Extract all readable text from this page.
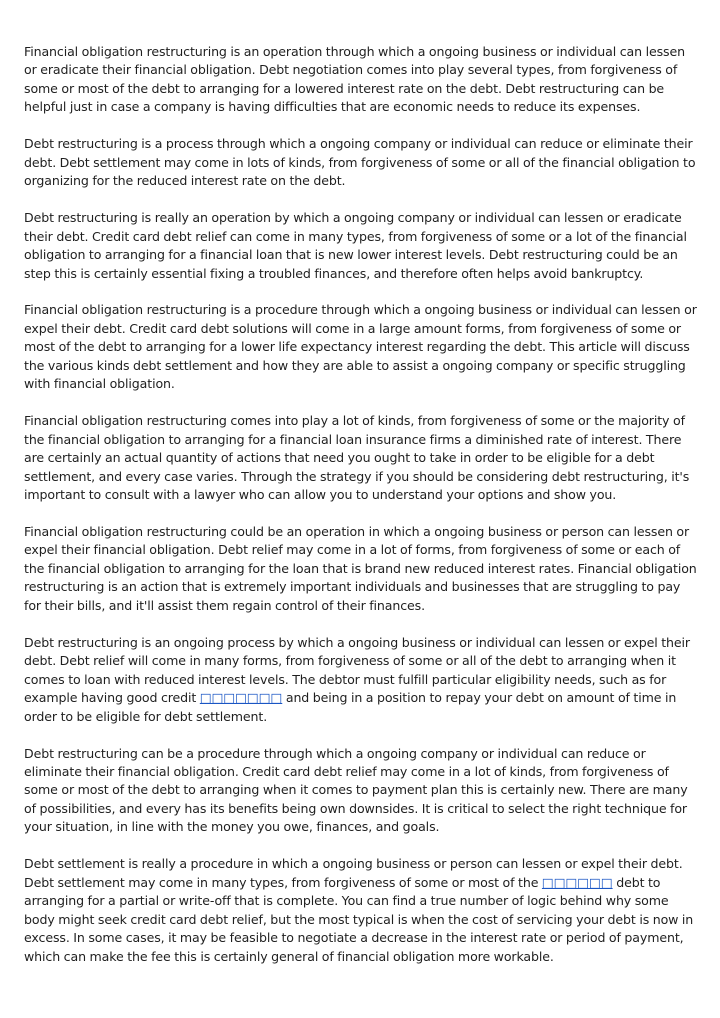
Financial obligation restructuring is an operation through which a ongoing business or individual can lessen or eradicate their financial obligation. Debt negotiation comes into play several types, from forgiveness of some or most of the debt to arranging for a lowered interest rate on the debt. Debt restructuring can be helpful just in case a company is having difficulties that are economic needs to reduce its expenses.

Debt restructuring is a process through which a ongoing company or individual can reduce or eliminate their debt. Debt settlement may come in lots of kinds, from forgiveness of some or all of the financial obligation to organizing for the reduced interest rate on the debt.

Debt restructuring is really an operation by which a ongoing company or individual can lessen or eradicate their debt. Credit card debt relief can come in many types, from forgiveness of some or a lot of the financial obligation to arranging for a financial loan that is new lower interest levels. Debt restructuring could be an step this is certainly essential fixing a troubled finances, and therefore often helps avoid bankruptcy.

Financial obligation restructuring is a procedure through which a ongoing business or individual can lessen or expel their debt. Credit card debt solutions will come in a large amount forms, from forgiveness of some or most of the debt to arranging for a lower life expectancy interest regarding the debt. This article will discuss the various kinds debt settlement and how they are able to assist a ongoing company or specific struggling with financial obligation.

Financial obligation restructuring comes into play a lot of kinds, from forgiveness of some or the majority of the financial obligation to arranging for a financial loan insurance firms a diminished rate of interest. There are certainly an actual quantity of actions that need you ought to take in order to be eligible for a debt settlement, and every case varies. Through the strategy if you should be considering debt restructuring, it's important to consult with a lawyer who can allow you to understand your options and show you.

Financial obligation restructuring could be an operation in which a ongoing business or person can lessen or expel their financial obligation. Debt relief may come in a lot of forms, from forgiveness of some or each of the financial obligation to arranging for the loan that is brand new reduced interest rates. Financial obligation restructuring is an action that is extremely important individuals and businesses that are struggling to pay for their bills, and it'll assist them regain control of their finances.

Debt restructuring is an ongoing process by which a ongoing business or individual can lessen or expel their debt. Debt relief will come in many forms, from forgiveness of some or all of the debt to arranging when it comes to loan with reduced interest levels. The debtor must fulfill particular eligibility needs, such as for example having good credit □□□□□□□ and being in a position to repay your debt on amount of time in order to be eligible for debt settlement.

Debt restructuring can be a procedure through which a ongoing company or individual can reduce or eliminate their financial obligation. Credit card debt relief may come in a lot of kinds, from forgiveness of some or most of the debt to arranging when it comes to payment plan this is certainly new. There are many of possibilities, and every has its benefits being own downsides. It is critical to select the right technique for your situation, in line with the money you owe, finances, and goals.

Debt settlement is really a procedure in which a ongoing business or person can lessen or expel their debt. Debt settlement may come in many types, from forgiveness of some or most of the □□□□□□ debt to arranging for a partial or write-off that is complete. You can find a true number of logic behind why some body might seek credit card debt relief, but the most typical is when the cost of servicing your debt is now in excess. In some cases, it may be feasible to negotiate a decrease in the interest rate or period of payment, which can make the fee this is certainly general of financial obligation more workable.
